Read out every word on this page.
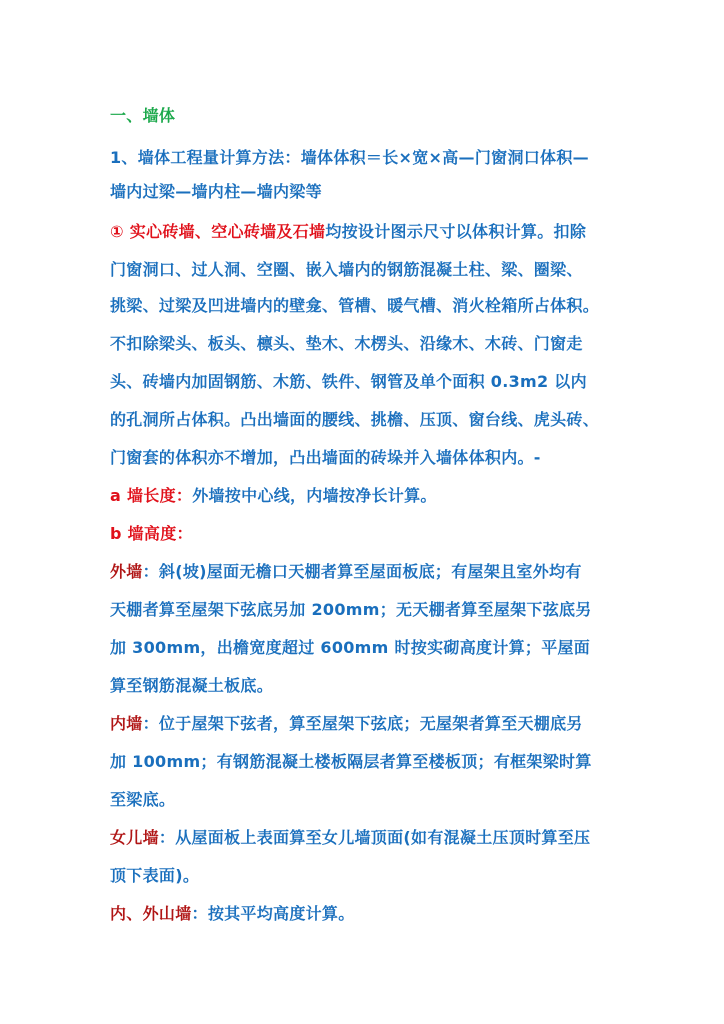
一、墙体
1、墙体工程量计算方法：墙体体积＝长×宽×高—门窗洞口体积—
墙内过梁—墙内柱—墙内梁等
① 实心砖墙、空心砖墙及石墙均按设计图示尺寸以体积计算。扣除
门窗洞口、过人洞、空圈、嵌入墙内的钢筋混凝土柱、梁、圈梁、
挑梁、过梁及凹进墙内的壁龛、管槽、暖气槽、消火栓箱所占体积。
不扣除梁头、板头、檩头、垫木、木楞头、沿缘木、木砖、门窗走
头、砖墙内加固钢筋、木筋、铁件、钢管及单个面积 0.3m2 以内
的孔洞所占体积。凸出墙面的腰线、挑檐、压顶、窗台线、虎头砖、
门窗套的体积亦不增加，凸出墙面的砖垛并入墙体体积内。-
a 墙长度：外墙按中心线，内墙按净长计算。
b 墙高度：
外墙：斜(坡)屋面无檐口天棚者算至屋面板底；有屋架且室外均有
天棚者算至屋架下弦底另加 200mm；无天棚者算至屋架下弦底另
加 300mm，出檐宽度超过 600mm 时按实砌高度计算；平屋面
算至钢筋混凝土板底。
内墙：位于屋架下弦者，算至屋架下弦底；无屋架者算至天棚底另
加 100mm；有钢筋混凝土楼板隔层者算至楼板顶；有框架梁时算
至梁底。
女儿墙：从屋面板上表面算至女儿墙顶面(如有混凝土压顶时算至压
顶下表面)。
内、外山墙：按其平均高度计算。
